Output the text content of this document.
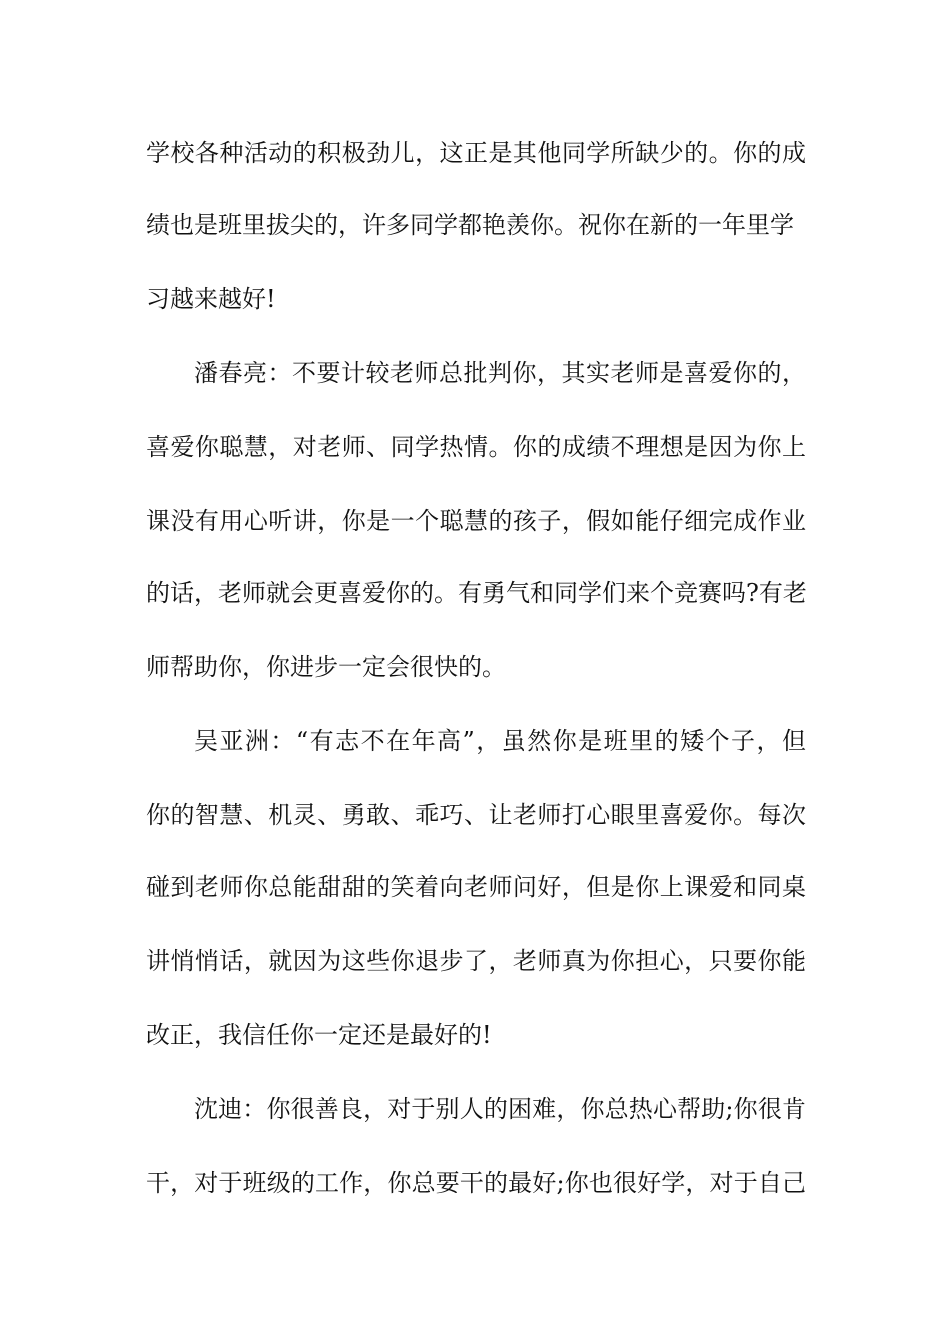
学校各种活动的积极劲儿，这正是其他同学所缺少的。你的成
绩也是班里拔尖的，许多同学都艳羡你。祝你在新的一年里学
习越来越好!
潘春亮：不要计较老师总批判你，其实老师是喜爱你的，
喜爱你聪慧，对老师、同学热情。你的成绩不理想是因为你上
课没有用心听讲，你是一个聪慧的孩子，假如能仔细完成作业
的话，老师就会更喜爱你的。有勇气和同学们来个竞赛吗?有老
师帮助你，你进步一定会很快的。
吴亚洲：“有志不在年高”，虽然你是班里的矮个子，但
你的智慧、机灵、勇敢、乖巧、让老师打心眼里喜爱你。每次
碰到老师你总能甜甜的笑着向老师问好，但是你上课爱和同桌
讲悄悄话，就因为这些你退步了，老师真为你担心，只要你能
改正，我信任你一定还是最好的!
沈迪：你很善良，对于别人的困难，你总热心帮助;你很肯
干，对于班级的工作，你总要干的最好;你也很好学，对于自己
